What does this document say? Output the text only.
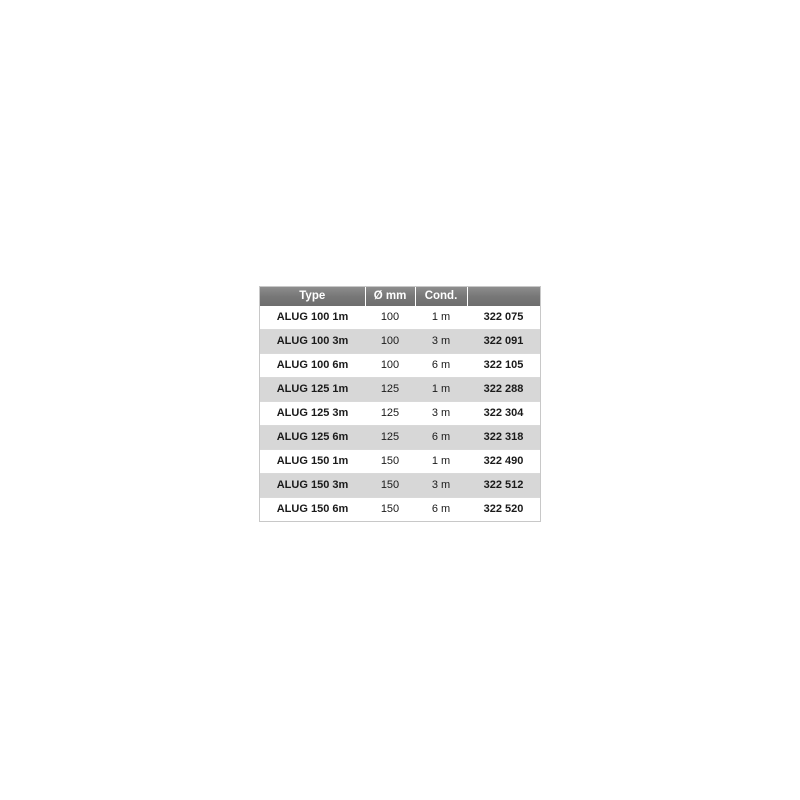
Type	Ø mm	Cond.	
ALUG 100 1m	100	1 m	322 075
ALUG 100 3m	100	3 m	322 091
ALUG 100 6m	100	6 m	322 105
ALUG 125 1m	125	1 m	322 288
ALUG 125 3m	125	3 m	322 304
ALUG 125 6m	125	6 m	322 318
ALUG 150 1m	150	1 m	322 490
ALUG 150 3m	150	3 m	322 512
ALUG 150 6m	150	6 m	322 520
